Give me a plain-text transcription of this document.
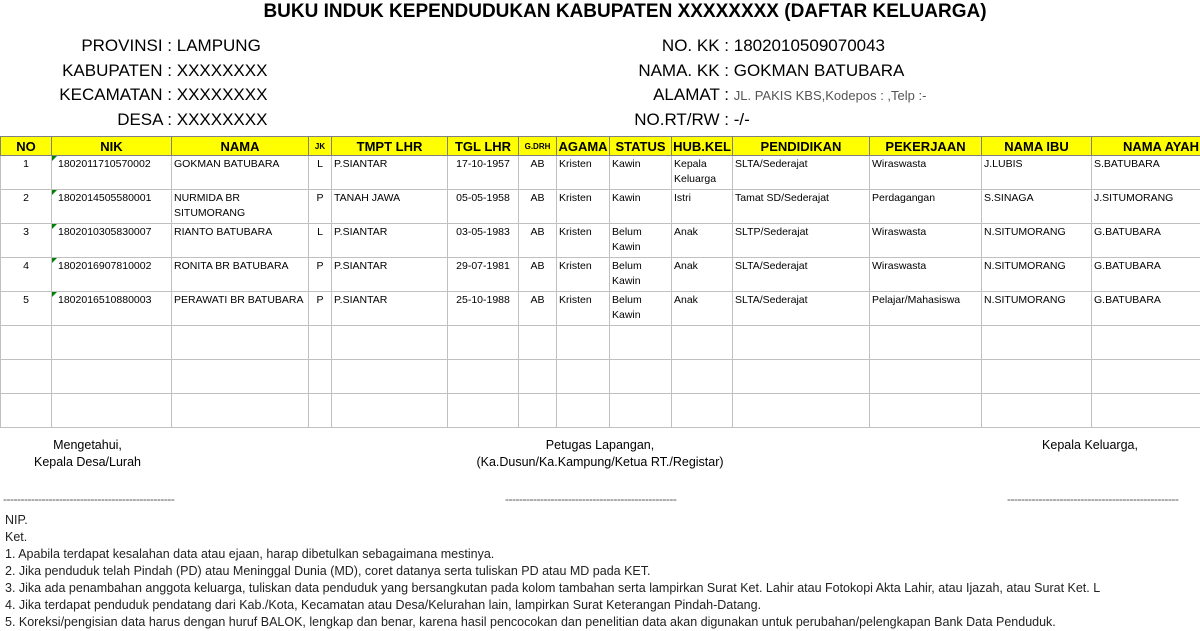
BUKU INDUK KEPENDUDUKAN KABUPATEN XXXXXXXX (DAFTAR KELUARGA)
PROVINSI : LAMPUNG
KABUPATEN : XXXXXXXX
KECAMATAN : XXXXXXXX
DESA : XXXXXXXX
NO. KK : 1802010509070043
NAMA. KK : GOKMAN BATUBARA
ALAMAT : JL. PAKIS KBS,Kodepos : ,Telp :-
NO.RT/RW : -/-
NO	NIK	NAMA	JK	TMPT LHR	TGL LHR	G.DRH	AGAMA	STATUS	HUB.KEL	PENDIDIKAN	PEKERJAAN	NAMA IBU	NAMA AYAH
1	1802011710570002	GOKMAN BATUBARA	L	P.SIANTAR	17-10-1957	AB	Kristen	Kawin	Kepala Keluarga	SLTA/Sederajat	Wiraswasta	J.LUBIS	S.BATUBARA
2	1802014505580001	NURMIDA BR SITUMORANG	P	TANAH JAWA	05-05-1958	AB	Kristen	Kawin	Istri	Tamat SD/Sederajat	Perdagangan	S.SINAGA	J.SITUMORANG
3	1802010305830007	RIANTO BATUBARA	L	P.SIANTAR	03-05-1983	AB	Kristen	Belum Kawin	Anak	SLTP/Sederajat	Wiraswasta	N.SITUMORANG	G.BATUBARA
4	1802016907810002	RONITA BR BATUBARA	P	P.SIANTAR	29-07-1981	AB	Kristen	Belum Kawin	Anak	SLTA/Sederajat	Wiraswasta	N.SITUMORANG	G.BATUBARA
5	1802016510880003	PERAWATI BR BATUBARA	P	P.SIANTAR	25-10-1988	AB	Kristen	Belum Kawin	Anak	SLTA/Sederajat	Pelajar/Mahasiswa	N.SITUMORANG	G.BATUBARA

Mengetahui,
Kepala Desa/Lurah
Petugas Lapangan,
(Ka.Dusun/Ka.Kampung/Ketua RT./Registar)
Kepala Keluarga,
-------------------------------------------------	-------------------------------------------------	-------------------------------------------------
NIP.
Ket.
1. Apabila terdapat kesalahan data atau ejaan, harap dibetulkan sebagaimana mestinya.
2. Jika penduduk telah Pindah (PD) atau Meninggal Dunia (MD), coret datanya serta tuliskan PD atau MD pada KET.
3. Jika ada penambahan anggota keluarga, tuliskan data penduduk yang bersangkutan pada kolom tambahan serta lampirkan Surat Ket. Lahir atau Fotokopi Akta Lahir, atau Ijazah, atau Surat Ket. L
4. Jika terdapat penduduk pendatang dari Kab./Kota, Kecamatan atau Desa/Kelurahan lain, lampirkan Surat Keterangan Pindah-Datang.
5. Koreksi/pengisian data harus dengan huruf BALOK, lengkap dan benar, karena hasil pencocokan dan penelitian data akan digunakan untuk perubahan/pelengkapan Bank Data Penduduk.
